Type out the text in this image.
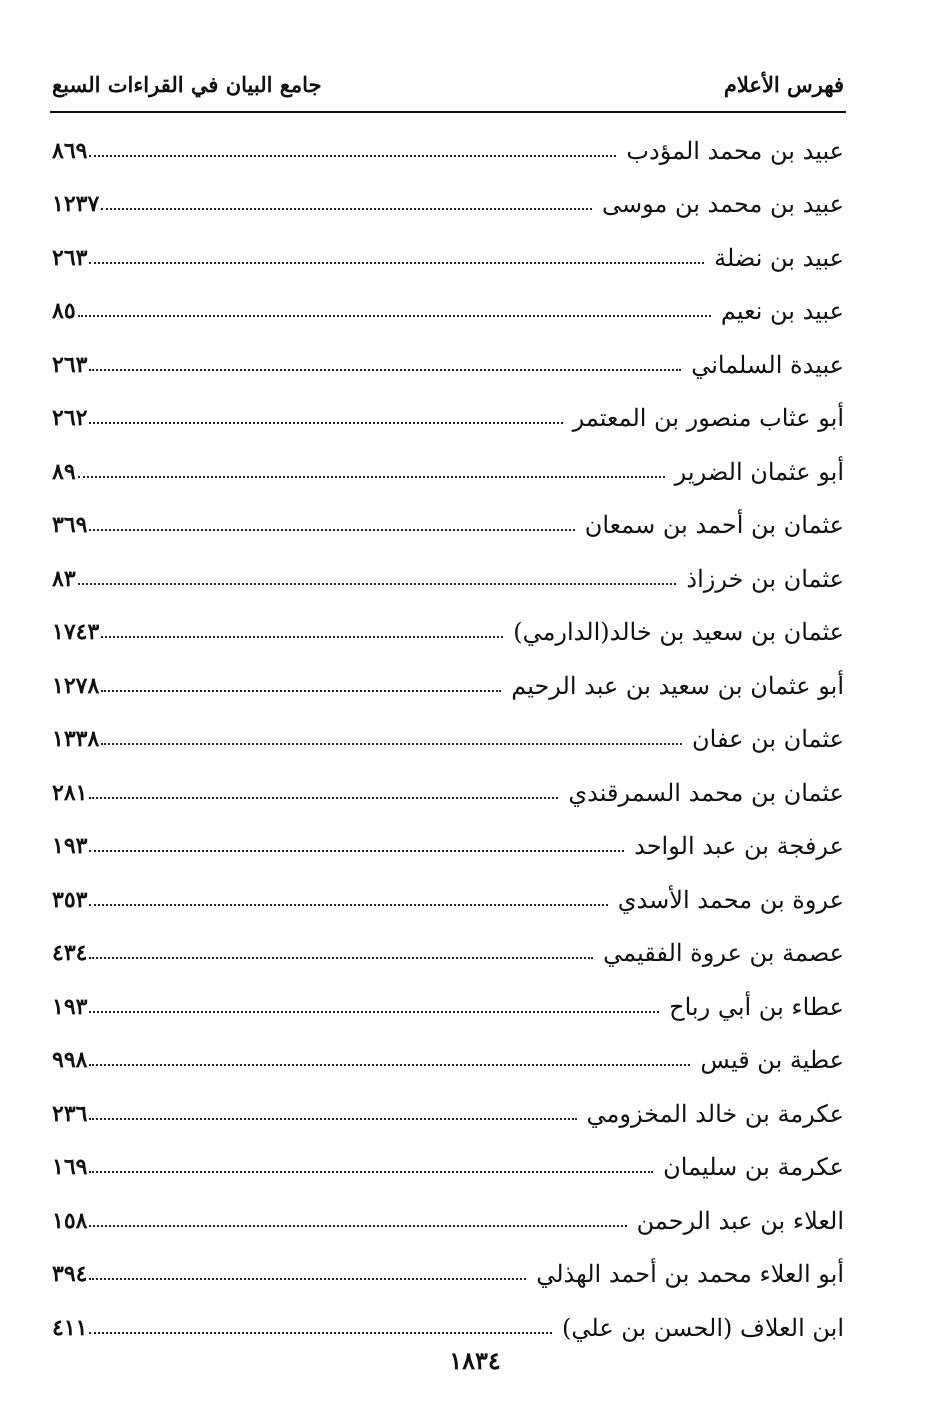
فهرس الأعلام
جامع البيان في القراءات السبع
عبيد بن محمد المؤدب
٨٦٩
عبيد بن محمد بن موسى
١٢٣٧
عبيد بن نضلة
٢٦٣
عبيد بن نعيم
٨٥
عبيدة السلماني
٢٦٣
أبو عثاب منصور بن المعتمر
٢٦٢
أبو عثمان الضرير
٨٩
عثمان بن أحمد بن سمعان
٣٦٩
عثمان بن خرزاذ
٨٣
عثمان بن سعيد بن خالد(الدارمي)
١٧٤٣
أبو عثمان بن سعيد بن عبد الرحيم
١٢٧٨
عثمان بن عفان
١٣٣٨
عثمان بن محمد السمرقندي
٢٨١
عرفجة بن عبد الواحد
١٩٣
عروة بن محمد الأسدي
٣٥٣
عصمة بن عروة الفقيمي
٤٣٤
عطاء بن أبي رباح
١٩٣
عطية بن قيس
٩٩٨
عكرمة بن خالد المخزومي
٢٣٦
عكرمة بن سليمان
١٦٩
العلاء بن عبد الرحمن
١٥٨
أبو العلاء محمد بن أحمد الهذلي
٣٩٤
ابن العلاف (الحسن بن علي)
٤١١
١٨٣٤
